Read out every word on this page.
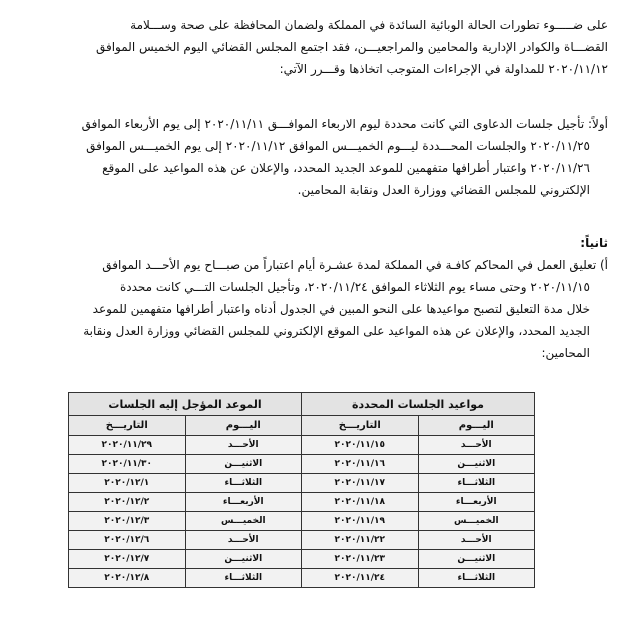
على ضـــــوء تطورات الحالة الوبائية السائدة في المملكة ولضمان المحافظة على صحة وســـلامة
القضـــاة والكوادر الإدارية والمحامين والمراجعيـــن، فقد اجتمع المجلس القضائي اليوم الخميس الموافق
٢٠٢٠/١١/١٢ للمداولة في الإجراءات المتوجب اتخاذها وقـــرر الآتي:
أولاً: تأجيل جلسات الدعاوى التي كانت محددة ليوم الاربعاء الموافـــق ٢٠٢٠/١١/١١ إلى يوم الأربعاء الموافق
٢٠٢٠/١١/٢٥ والجلسات المحـــددة ليـــوم الخميـــس الموافق ٢٠٢٠/١١/١٢ إلى يوم الخميـــس الموافق
٢٠٢٠/١١/٢٦ واعتبار أطرافها متفهمين للموعد الجديد المحدد، والإعلان عن هذه المواعيد على الموقع
الإلكتروني للمجلس القضائي ووزارة العدل ونقابة المحامين.
ثانياً:
أ) تعليق العمل في المحاكم كافـة في المملكة لمدة عشـرة أيام اعتباراً من صبـــاح يوم الأحـــد الموافق
٢٠٢٠/١١/١٥ وحتى مساء يوم الثلاثاء الموافق ٢٠٢٠/١١/٢٤، وتأجيل الجلسات التـــي كانت محددة
خلال مدة التعليق لتصبح مواعيدها على النحو المبين في الجدول أدناه واعتبار أطرافها متفهمين للموعد
الجديد المحدد، والإعلان عن هذه المواعيد على الموقع الإلكتروني للمجلس القضائي ووزارة العدل ونقابة
المحامين:
مواعيد الجلسات المحددة		الموعد المؤجل إليه الجلسات	
اليـــوم	التاريـــخ	اليـــوم	التاريـــخ
الأحـــد	٢٠٢٠/١١/١٥	الأحـــد	٢٠٢٠/١١/٢٩
الاثنيـــن	٢٠٢٠/١١/١٦	الاثنيـــن	٢٠٢٠/١١/٣٠
الثلاثـــاء	٢٠٢٠/١١/١٧	الثلاثـــاء	٢٠٢٠/١٢/١
الأربعـــاء	٢٠٢٠/١١/١٨	الأربعـــاء	٢٠٢٠/١٢/٢
الخميـــس	٢٠٢٠/١١/١٩	الخميـــس	٢٠٢٠/١٢/٣
الأحـــد	٢٠٢٠/١١/٢٢	الأحـــد	٢٠٢٠/١٢/٦
الاثنيـــن	٢٠٢٠/١١/٢٣	الاثنيـــن	٢٠٢٠/١٢/٧
الثلاثـــاء	٢٠٢٠/١١/٢٤	الثلاثـــاء	٢٠٢٠/١٢/٨
